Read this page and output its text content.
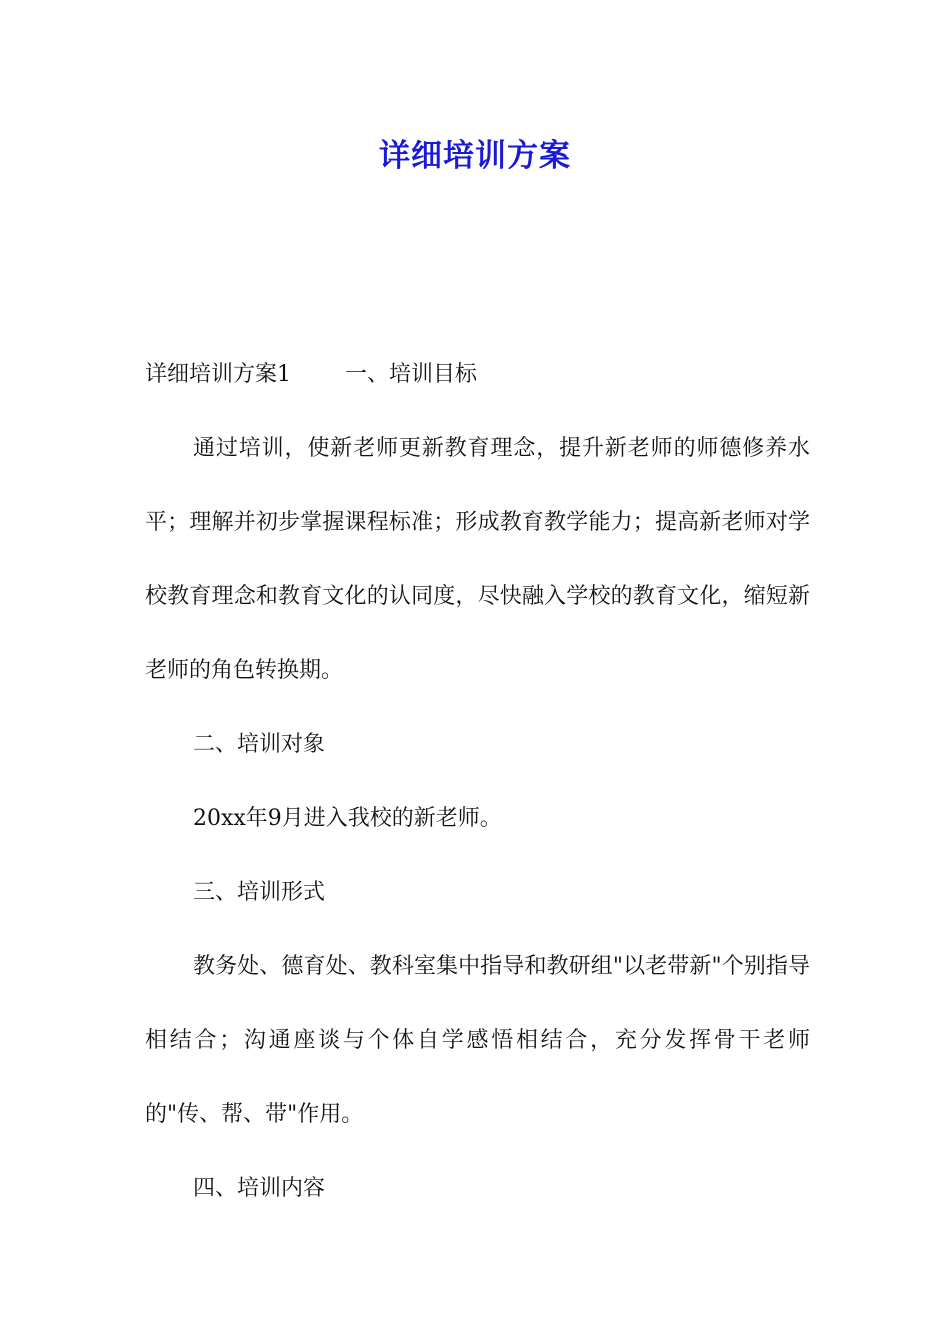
详细培训方案

详细培训方案1 一、培训目标

通过培训，使新老师更新教育理念，提升新老师的师德修养水平；理解并初步掌握课程标准；形成教育教学能力；提高新老师对学校教育理念和教育文化的认同度，尽快融入学校的教育文化，缩短新老师的角色转换期。

二、培训对象

20xx年9月进入我校的新老师。

三、培训形式

教务处、德育处、教科室集中指导和教研组"以老带新"个别指导相结合；沟通座谈与个体自学感悟相结合，充分发挥骨干老师的"传、帮、带"作用。

四、培训内容
